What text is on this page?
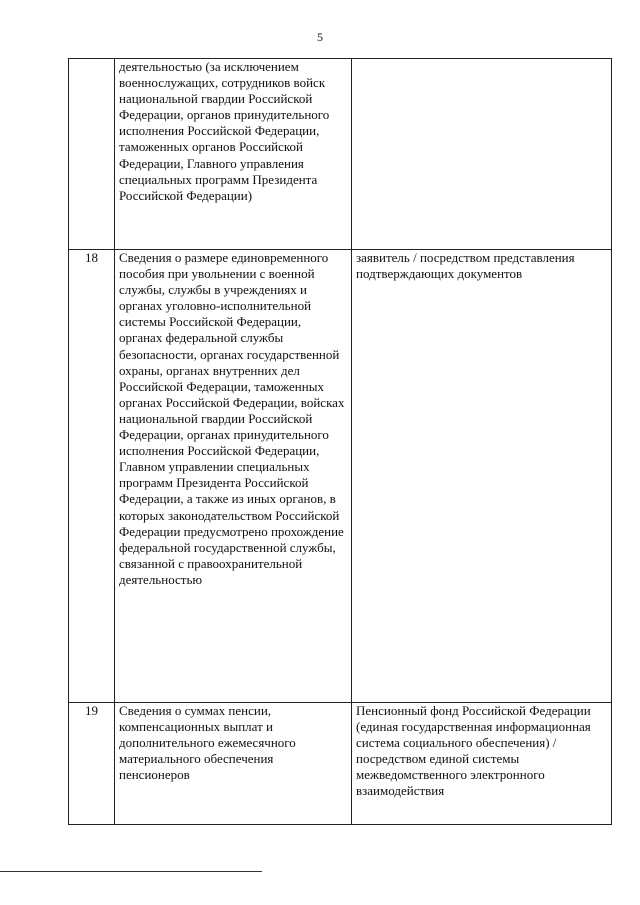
5
	деятельностью (за исключением военнослужащих, сотрудников войск национальной гвардии Российской Федерации, органов принудительного исполнения Российской Федерации, таможенных органов Российской Федерации, Главного управления специальных программ Президента Российской Федерации)	
18	Сведения о размере единовременного пособия при увольнении с военной службы, службы в учреждениях и органах уголовно-исполнительной системы Российской Федерации, органах федеральной службы безопасности, органах государственной охраны, органах внутренних дел Российской Федерации, таможенных органах Российской Федерации, войсках национальной гвардии Российской Федерации, органах принудительного исполнения Российской Федерации, Главном управлении специальных программ Президента Российской Федерации, а также из иных органов, в которых законодательством Российской Федерации предусмотрено прохождение федеральной государственной службы, связанной с правоохранительной деятельностью	заявитель / посредством представления подтверждающих документов
19	Сведения о суммах пенсии, компенсационных выплат и дополнительного ежемесячного материального обеспечения пенсионеров	Пенсионный фонд Российской Федерации (единая государственная информационная система социального обеспечения) / посредством единой системы межведомственного электронного взаимодействия
